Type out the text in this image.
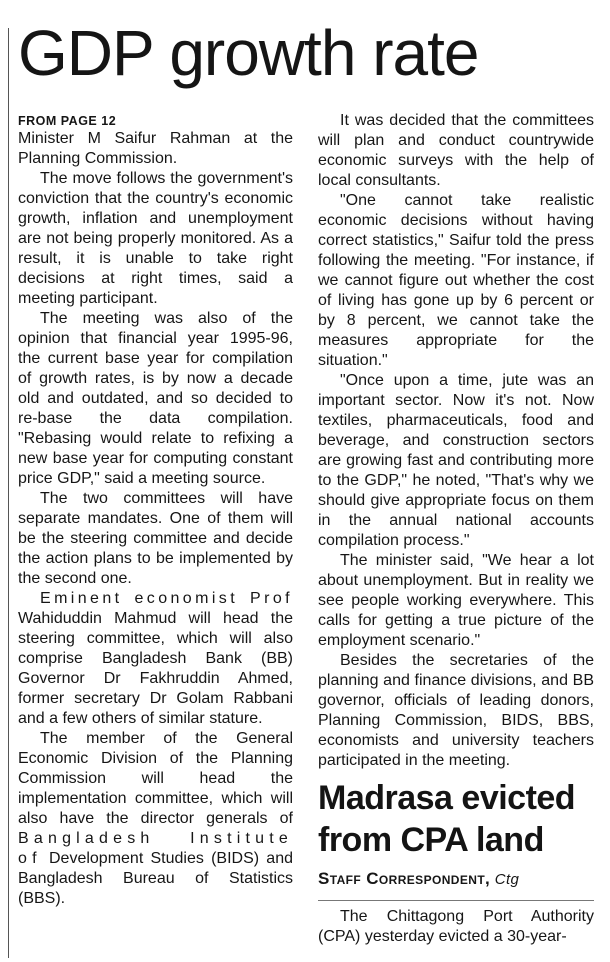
GDP growth rate
FROM PAGE 12

Minister M Saifur Rahman at the Planning Commission.

The move follows the government's conviction that the country's economic growth, inflation and unemployment are not being properly monitored. As a result, it is unable to take right decisions at right times, said a meeting participant.

The meeting was also of the opinion that financial year 1995-96, the current base year for compilation of growth rates, is by now a decade old and outdated, and so decided to re-base the data compilation. "Rebasing would relate to refixing a new base year for computing constant price GDP," said a meeting source.

The two committees will have separate mandates. One of them will be the steering committee and decide the action plans to be implemented by the second one.

Eminent economist Prof Wahiduddin Mahmud will head the steering committee, which will also comprise Bangladesh Bank (BB) Governor Dr Fakhruddin Ahmed, former secretary Dr Golam Rabbani and a few others of similar stature.

The member of the General Economic Division of the Planning Commission will head the implementation committee, which will also have the director generals of Bangladesh Institute of Development Studies (BIDS) and Bangladesh Bureau of Statistics (BBS).

It was decided that the committees will plan and conduct countrywide economic surveys with the help of local consultants.

"One cannot take realistic economic decisions without having correct statistics," Saifur told the press following the meeting. "For instance, if we cannot figure out whether the cost of living has gone up by 6 percent or by 8 percent, we cannot take the measures appropriate for the situation."

"Once upon a time, jute was an important sector. Now it's not. Now textiles, pharmaceuticals, food and beverage, and construction sectors are growing fast and contributing more to the GDP," he noted, "That's why we should give appropriate focus on them in the annual national accounts compilation process."

The minister said, "We hear a lot about unemployment. But in reality we see people working everywhere. This calls for getting a true picture of the employment scenario."

Besides the secretaries of the planning and finance divisions, and BB governor, officials of leading donors, Planning Commission, BIDS, BBS, economists and university teachers participated in the meeting.

Madrasa evicted from CPA land
Staff Correspondent, Ctg

The Chittagong Port Authority (CPA) yesterday evicted a 30-year-
